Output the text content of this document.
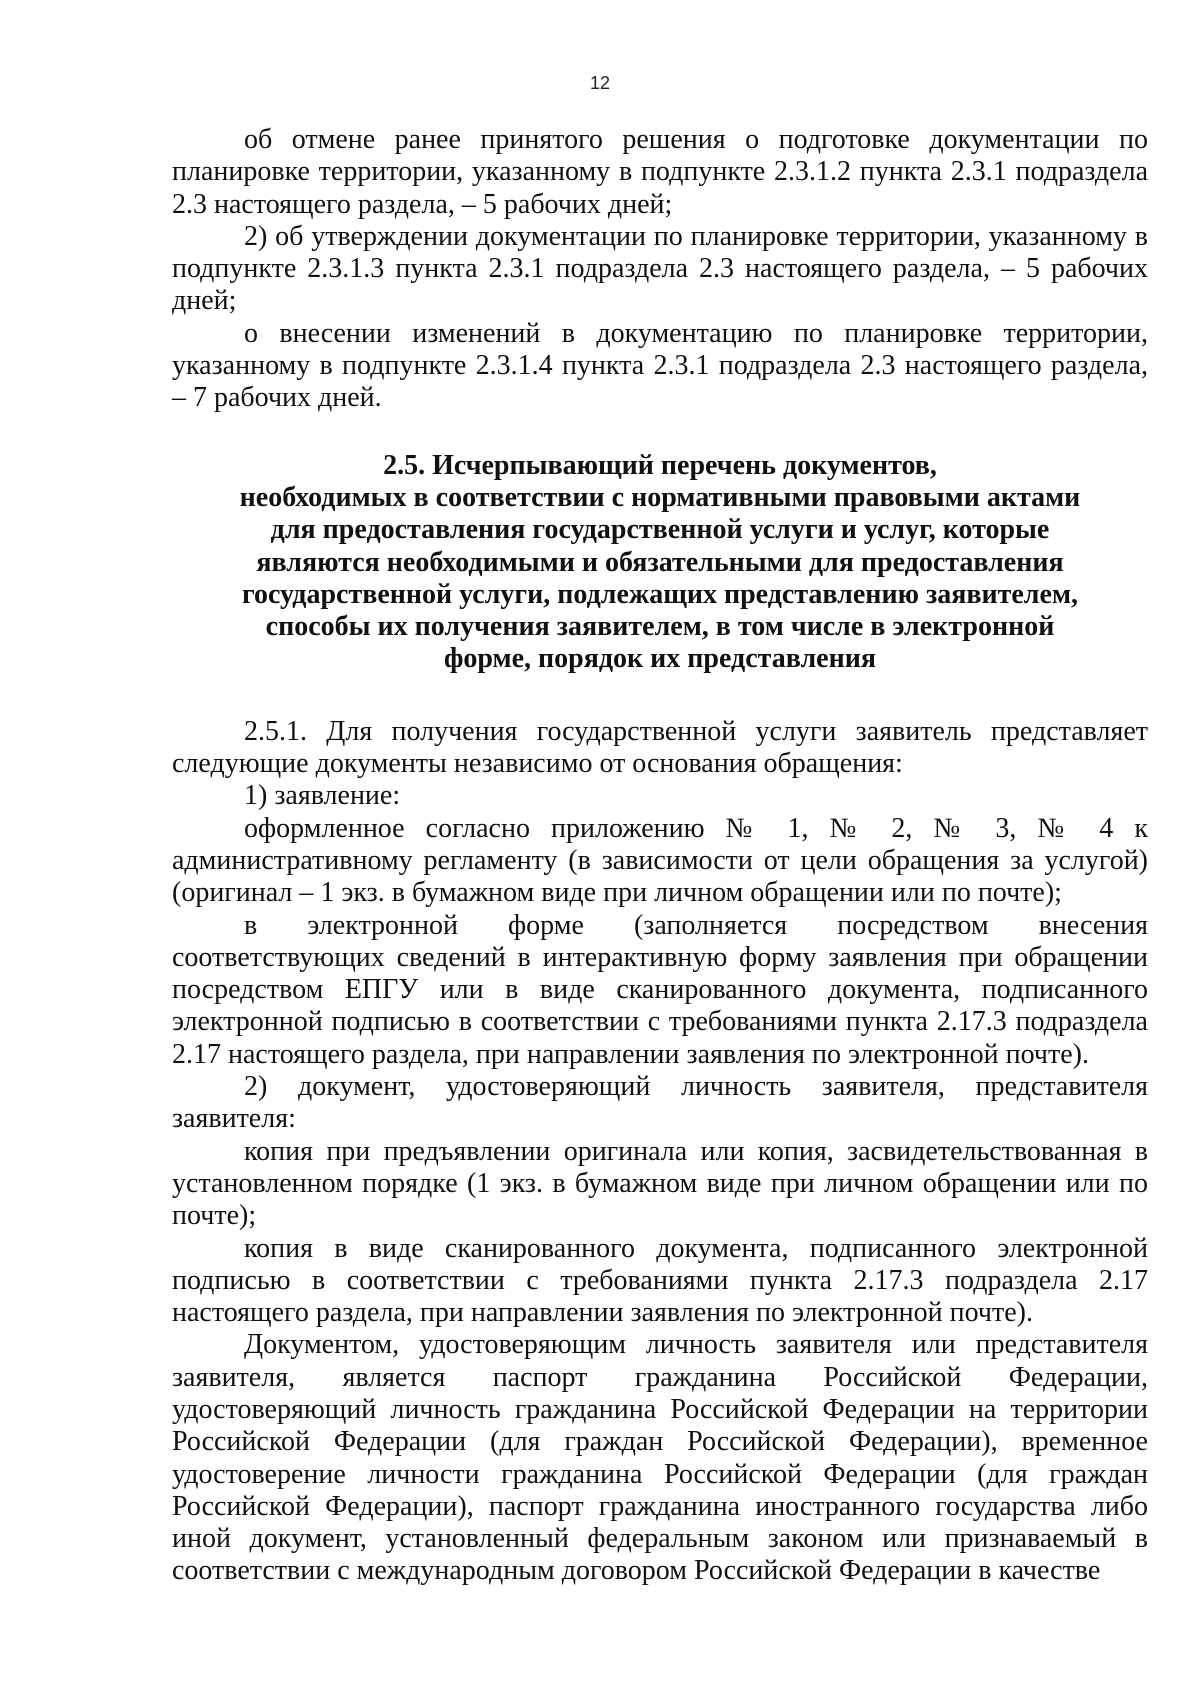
12

об отмене ранее принятого решения о подготовке документации по планировке территории, указанному в подпункте 2.3.1.2 пункта 2.3.1 подраздела 2.3 настоящего раздела, – 5 рабочих дней;

2) об утверждении документации по планировке территории, указанному в подпункте 2.3.1.3 пункта 2.3.1 подраздела 2.3 настоящего раздела, – 5 рабочих дней;

о внесении изменений в документацию по планировке территории, указанному в подпункте 2.3.1.4 пункта 2.3.1 подраздела 2.3 настоящего раздела, – 7 рабочих дней.

2.5. Исчерпывающий перечень документов,
необходимых в соответствии с нормативными правовыми актами
для предоставления государственной услуги и услуг, которые
являются необходимыми и обязательными для предоставления
государственной услуги, подлежащих представлению заявителем,
способы их получения заявителем, в том числе в электронной
форме, порядок их представления

2.5.1. Для получения государственной услуги заявитель представляет следующие документы независимо от основания обращения:

1) заявление:

оформленное согласно приложению № 1, № 2, № 3, № 4 к административному регламенту (в зависимости от цели обращения за услугой) (оригинал – 1 экз. в бумажном виде при личном обращении или по почте);

в электронной форме (заполняется посредством внесения соответствующих сведений в интерактивную форму заявления при обращении посредством ЕПГУ или в виде сканированного документа, подписанного электронной подписью в соответствии с требованиями пункта 2.17.3 подраздела 2.17 настоящего раздела, при направлении заявления по электронной почте).

2) документ, удостоверяющий личность заявителя, представителя заявителя:

копия при предъявлении оригинала или копия, засвидетельствованная в установленном порядке (1 экз. в бумажном виде при личном обращении или по почте);

копия в виде сканированного документа, подписанного электронной подписью в соответствии с требованиями пункта 2.17.3 подраздела 2.17 настоящего раздела, при направлении заявления по электронной почте).

Документом, удостоверяющим личность заявителя или представителя заявителя, является паспорт гражданина Российской Федерации, удостоверяющий личность гражданина Российской Федерации на территории Российской Федерации (для граждан Российской Федерации), временное удостоверение личности гражданина Российской Федерации (для граждан Российской Федерации), паспорт гражданина иностранного государства либо иной документ, установленный федеральным законом или признаваемый в соответствии с международным договором Российской Федерации в качестве
